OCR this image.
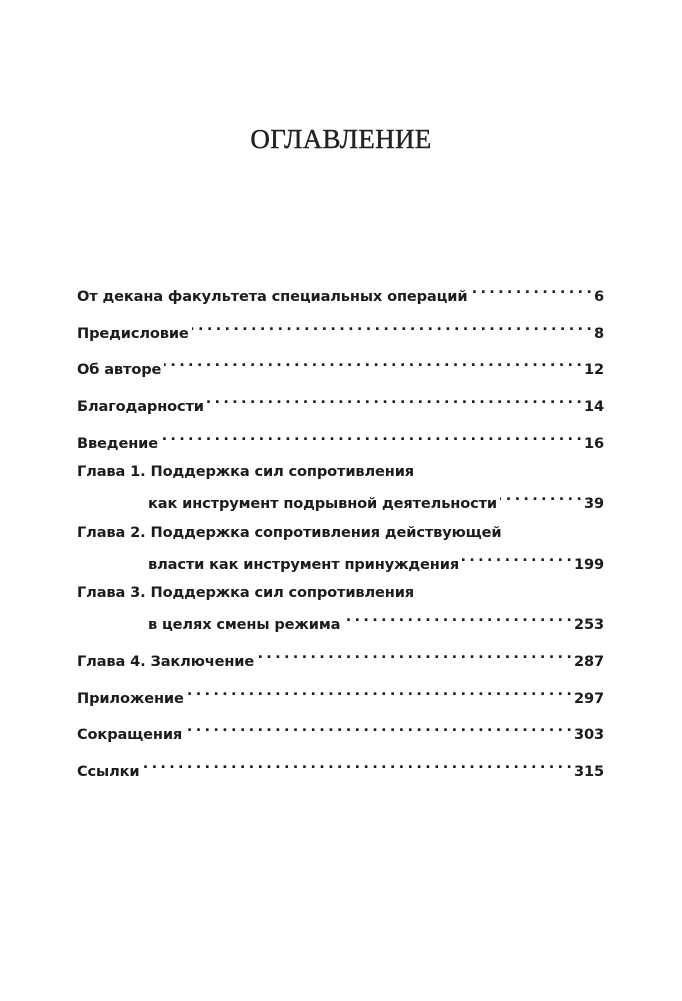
ОГЛАВЛЕНИЕ
От декана факультета специальных операций . . .	6
Предисловие . . .	8
Об авторе . . .	12
Благодарности . . .	14
Введение . . .	16
Глава 1. Поддержка сил сопротивления
как инструмент подрывной деятельности . . .	39
Глава 2. Поддержка сопротивления действующей
власти как инструмент принуждения . . .	199
Глава 3. Поддержка сил сопротивления
в целях смены режима . . .	253
Глава 4. Заключение . . .	287
Приложение . . .	297
Сокращения . . .	303
Ссылки . . .	315
